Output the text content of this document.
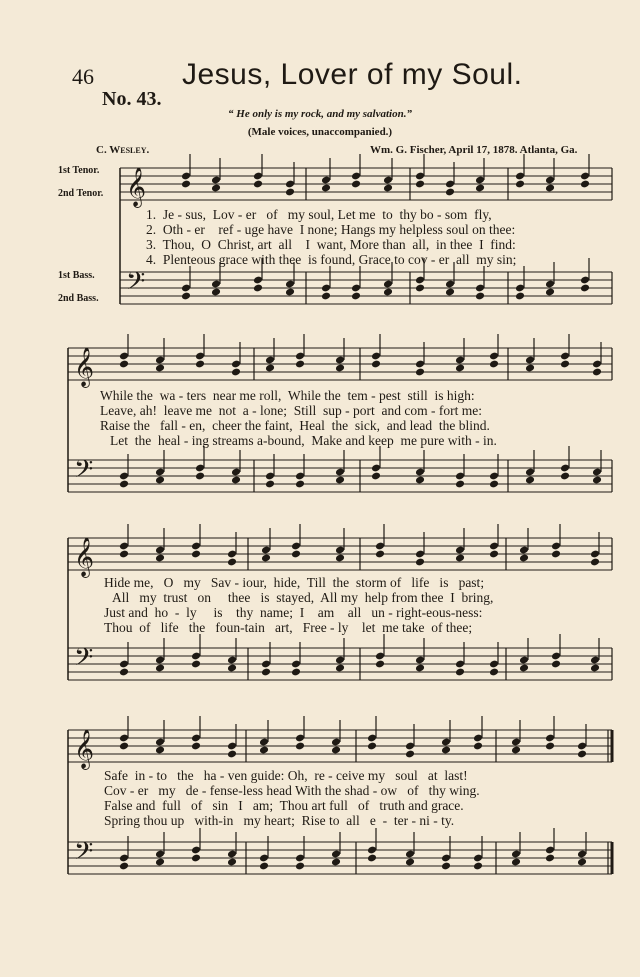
46	Jesus, Lover of my Soul.
No. 43.
“ He only is my rock, and my salvation.”
(Male voices, unaccompanied.)
C. Wesley.	Wm. G. Fischer, April 17, 1878. Atlanta, Ga.
1st Tenor.
2nd Tenor.
1st Bass.
2nd Bass.
𝄞
𝄢
𝄞
𝄢
𝄞
𝄢
𝄞
𝄢
1.  Je - sus,  Lov - er   of   my soul, Let me  to  thy bo - som  fly,
2.  Oth - er    ref - uge have  I none; Hangs my helpless soul on thee:
3.  Thou,  O  Christ, art  all    I  want, More than  all,  in thee  I  find:
4.  Plenteous grace with thee  is found, Grace to cov - er  all  my sin;
While the  wa - ters  near me roll,  While the  tem - pest  still  is high:
Leave, ah!  leave me  not  a - lone;  Still  sup - port  and com - fort me:
Raise the   fall - en,  cheer the faint,  Heal  the  sick,  and lead  the blind.
Let  the  heal - ing streams a-bound,  Make and keep  me pure with - in.
Hide me,   O   my   Sav - iour,  hide,  Till  the  storm of   life   is   past;
All   my  trust   on     thee   is  stayed,  All my  help from thee  I  bring,
Just and  ho  -  ly     is    thy  name;  I    am    all   un - right-eous-ness:
Thou  of   life   the   foun-tain   art,   Free - ly    let  me take  of thee;
Safe  in - to   the   ha - ven guide: Oh,  re - ceive my   soul   at  last!
Cov - er   my   de - fense-less head With the shad - ow   of   thy wing.
False and  full   of   sin   I   am;  Thou art full   of   truth and grace.
Spring thou up   with-in   my heart;  Rise to  all   e  -  ter - ni - ty.
